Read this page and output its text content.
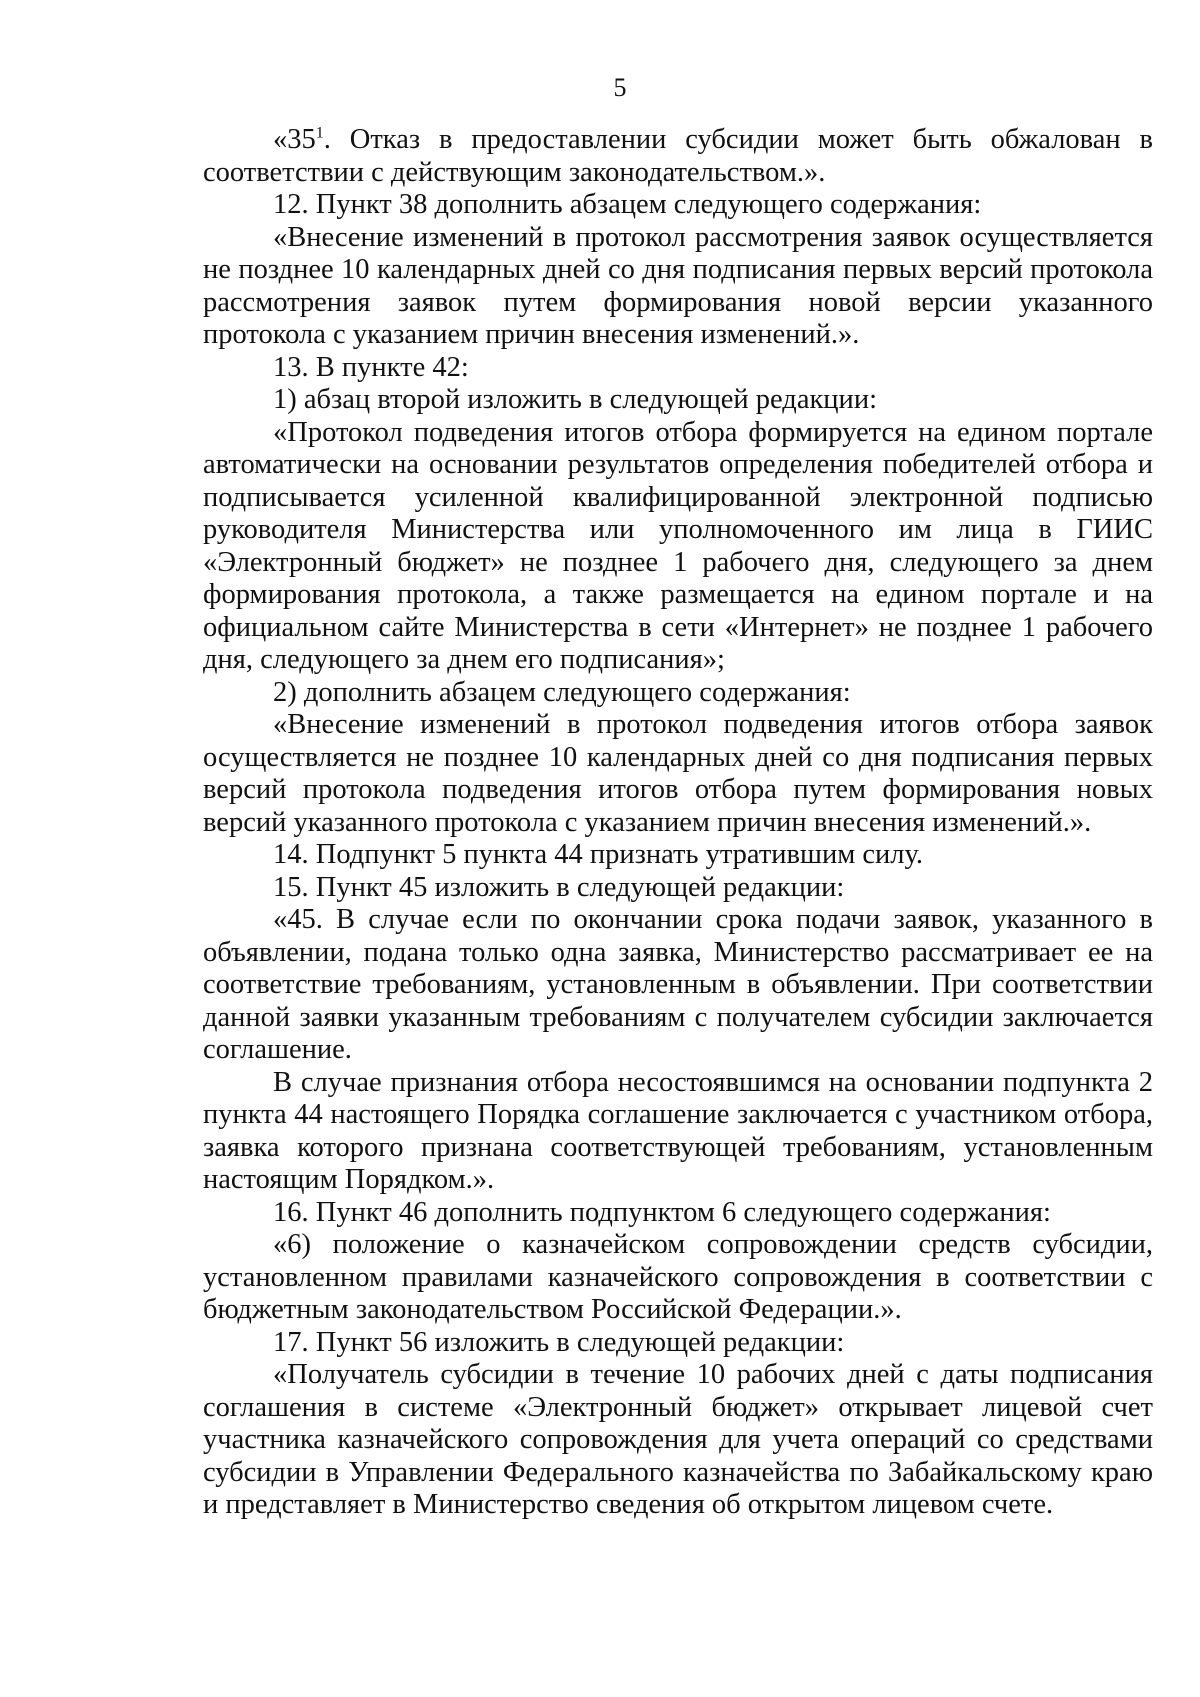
5

«$35^1$. Отказ в предоставлении субсидии может быть обжалован в соответствии с действующим законодательством.».

12. Пункт 38 дополнить абзацем следующего содержания:

«Внесение изменений в протокол рассмотрения заявок осуществляется не позднее 10 календарных дней со дня подписания первых версий протокола рассмотрения заявок путем формирования новой версии указанного протокола с указанием причин внесения изменений.».

13. В пункте 42:

1) абзац второй изложить в следующей редакции:

«Протокол подведения итогов отбора формируется на едином портале автоматически на основании результатов определения победителей отбора и подписывается усиленной квалифицированной электронной подписью руководителя Министерства или уполномоченного им лица в ГИИС «Электронный бюджет» не позднее 1 рабочего дня, следующего за днем формирования протокола, а также размещается на едином портале и на официальном сайте Министерства в сети «Интернет» не позднее 1 рабочего дня, следующего за днем его подписания»;

2) дополнить абзацем следующего содержания:

«Внесение изменений в протокол подведения итогов отбора заявок осуществляется не позднее 10 календарных дней со дня подписания первых версий протокола подведения итогов отбора путем формирования новых версий указанного протокола с указанием причин внесения изменений.».

14. Подпункт 5 пункта 44 признать утратившим силу.

15. Пункт 45 изложить в следующей редакции:

«45. В случае если по окончании срока подачи заявок, указанного в объявлении, подана только одна заявка, Министерство рассматривает ее на соответствие требованиям, установленным в объявлении. При соответствии данной заявки указанным требованиям с получателем субсидии заключается соглашение.

В случае признания отбора несостоявшимся на основании подпункта 2 пункта 44 настоящего Порядка соглашение заключается с участником отбора, заявка которого признана соответствующей требованиям, установленным настоящим Порядком.».

16. Пункт 46 дополнить подпунктом 6 следующего содержания:

«6) положение о казначейском сопровождении средств субсидии, установленном правилами казначейского сопровождения в соответствии с бюджетным законодательством Российской Федерации.».

17. Пункт 56 изложить в следующей редакции:

«Получатель субсидии в течение 10 рабочих дней с даты подписания соглашения в системе «Электронный бюджет» открывает лицевой счет участника казначейского сопровождения для учета операций со средствами субсидии в Управлении Федерального казначейства по Забайкальскому краю и представляет в Министерство сведения об открытом лицевом счете.
